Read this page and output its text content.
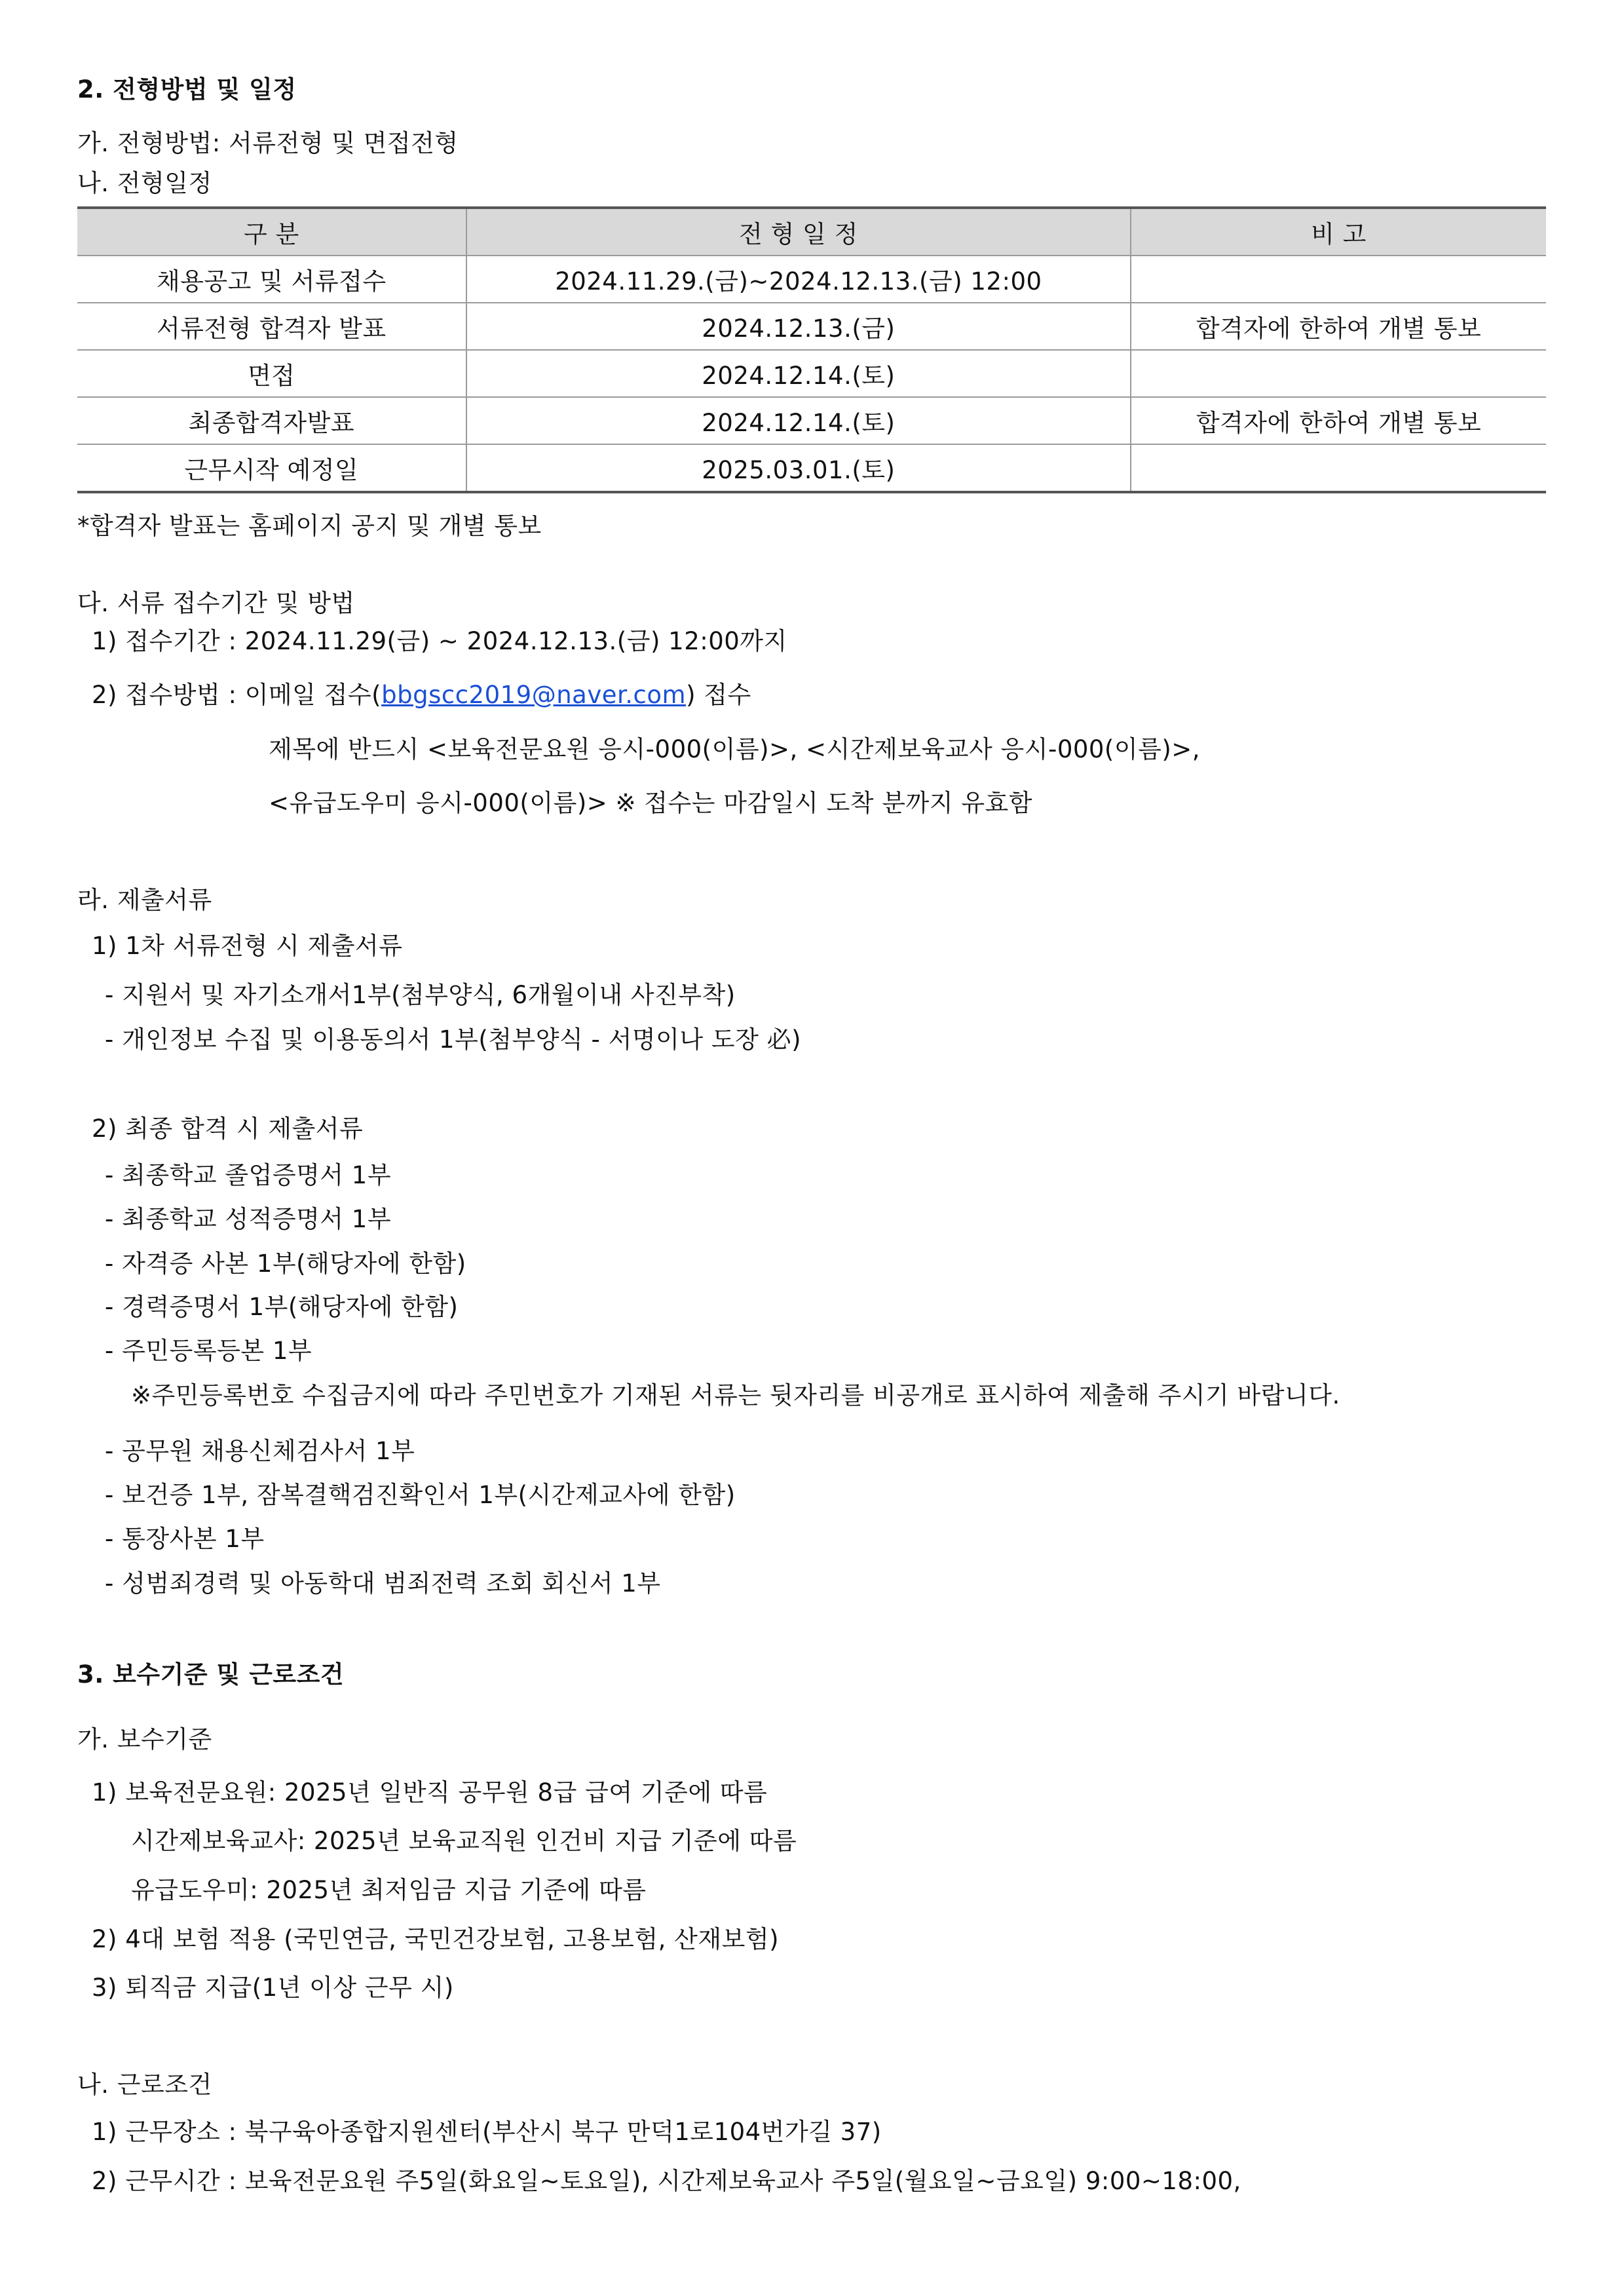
2. 전형방법 및 일정
가. 전형방법: 서류전형 및 면접전형
나. 전형일정
구 분	전 형 일 정	비 고
채용공고 및 서류접수	2024.11.29.(금)~2024.12.13.(금) 12:00	
서류전형 합격자 발표	2024.12.13.(금)	합격자에 한하여 개별 통보
면접	2024.12.14.(토)	
최종합격자발표	2024.12.14.(토)	합격자에 한하여 개별 통보
근무시작 예정일	2025.03.01.(토)	
*합격자 발표는 홈페이지 공지 및 개별 통보
다. 서류 접수기간 및 방법
1) 접수기간 : 2024.11.29(금) ~ 2024.12.13.(금) 12:00까지
2) 접수방법 : 이메일 접수(bbgscc2019@naver.com) 접수
제목에 반드시 <보육전문요원 응시-000(이름)>, <시간제보육교사 응시-000(이름)>,
<유급도우미 응시-000(이름)> ※ 접수는 마감일시 도착 분까지 유효함
라. 제출서류
1) 1차 서류전형 시 제출서류
- 지원서 및 자기소개서1부(첨부양식, 6개월이내 사진부착)
- 개인정보 수집 및 이용동의서 1부(첨부양식 - 서명이나 도장 必)
2) 최종 합격 시 제출서류
- 최종학교 졸업증명서 1부
- 최종학교 성적증명서 1부
- 자격증 사본 1부(해당자에 한함)
- 경력증명서 1부(해당자에 한함)
- 주민등록등본 1부
※주민등록번호 수집금지에 따라 주민번호가 기재된 서류는 뒷자리를 비공개로 표시하여 제출해 주시기 바랍니다.
- 공무원 채용신체검사서 1부
- 보건증 1부, 잠복결핵검진확인서 1부(시간제교사에 한함)
- 통장사본 1부
- 성범죄경력 및 아동학대 범죄전력 조회 회신서 1부
3. 보수기준 및 근로조건
가. 보수기준
1) 보육전문요원: 2025년 일반직 공무원 8급 급여 기준에 따름
시간제보육교사: 2025년 보육교직원 인건비 지급 기준에 따름
유급도우미: 2025년 최저임금 지급 기준에 따름
2) 4대 보험 적용 (국민연금, 국민건강보험, 고용보험, 산재보험)
3) 퇴직금 지급(1년 이상 근무 시)
나. 근로조건
1) 근무장소 : 북구육아종합지원센터(부산시 북구 만덕1로104번가길 37)
2) 근무시간 : 보육전문요원 주5일(화요일~토요일), 시간제보육교사 주5일(월요일~금요일) 9:00~18:00,
